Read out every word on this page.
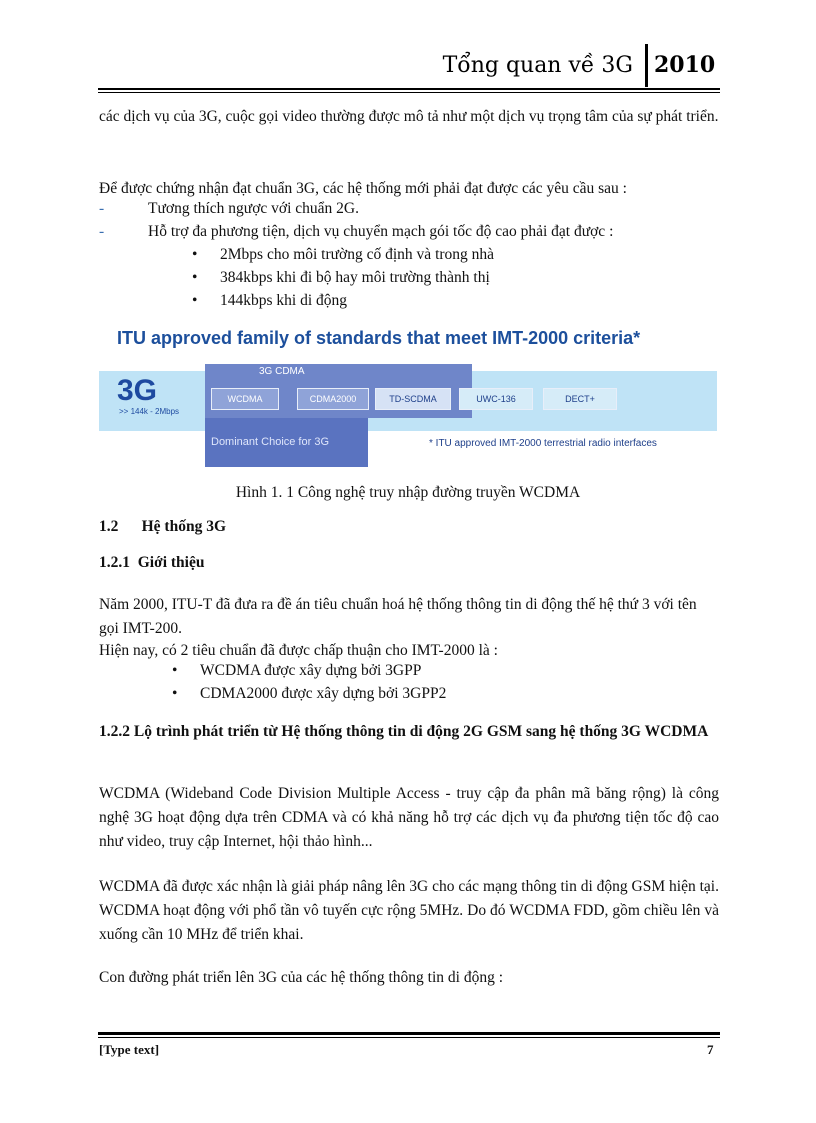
Tổng quan về 3G 2010

các dịch vụ của 3G, cuộc gọi video thường được mô tả như một dịch vụ trọng tâm của sự phát triển.

Để được chứng nhận đạt chuẩn 3G, các hệ thống mới phải đạt được các yêu cầu sau :

-	Tương thích ngược với chuẩn 2G.
-	Hỗ trợ đa phương tiện, dịch vụ chuyển mạch gói tốc độ cao phải đạt được :
• 2Mbps cho môi trường cố định và trong nhà
• 384kbps khi đi bộ hay môi trường thành thị
• 144kbps khi di động
ITU approved family of standards that meet IMT-2000 criteria*
3G
>> 144k - 2Mbps
3G CDMA
Dominant Choice for 3G
WCDMA	CDMA2000	TD-SCDMA	UWC-136	DECT+
* ITU approved IMT-2000 terrestrial radio interfaces
Hình 1. 1 Công nghệ truy nhập đường truyền WCDMA
1.2      Hệ thống 3G
1.2.1  Giới thiệu

Năm 2000, ITU-T đã đưa ra đề án tiêu chuẩn hoá hệ thống thông tin di động thế hệ thứ 3 với tên gọi IMT-200.

Hiện nay, có 2 tiêu chuẩn đã được chấp thuận cho IMT-2000 là :

• WCDMA được xây dựng bởi 3GPP
• CDMA2000 được xây dựng bởi 3GPP2
1.2.2 Lộ trình phát triển từ Hệ thống thông tin di động 2G GSM sang hệ thống 3G WCDMA

WCDMA (Wideband Code Division Multiple Access - truy cập đa phân mã băng rộng) là công nghệ 3G hoạt động dựa trên CDMA và có khả năng hỗ trợ các dịch vụ đa phương tiện tốc độ cao như video, truy cập Internet, hội thảo hình...

WCDMA đã được xác nhận là giải pháp nâng lên 3G cho các mạng thông tin di động GSM hiện tại. WCDMA hoạt động với phổ tần vô tuyến cực rộng 5MHz. Do đó WCDMA FDD, gồm chiều lên và xuống cần 10 MHz để triển khai.

Con đường phát triển lên 3G của các hệ thống thông tin di động :

[Type text]	7
